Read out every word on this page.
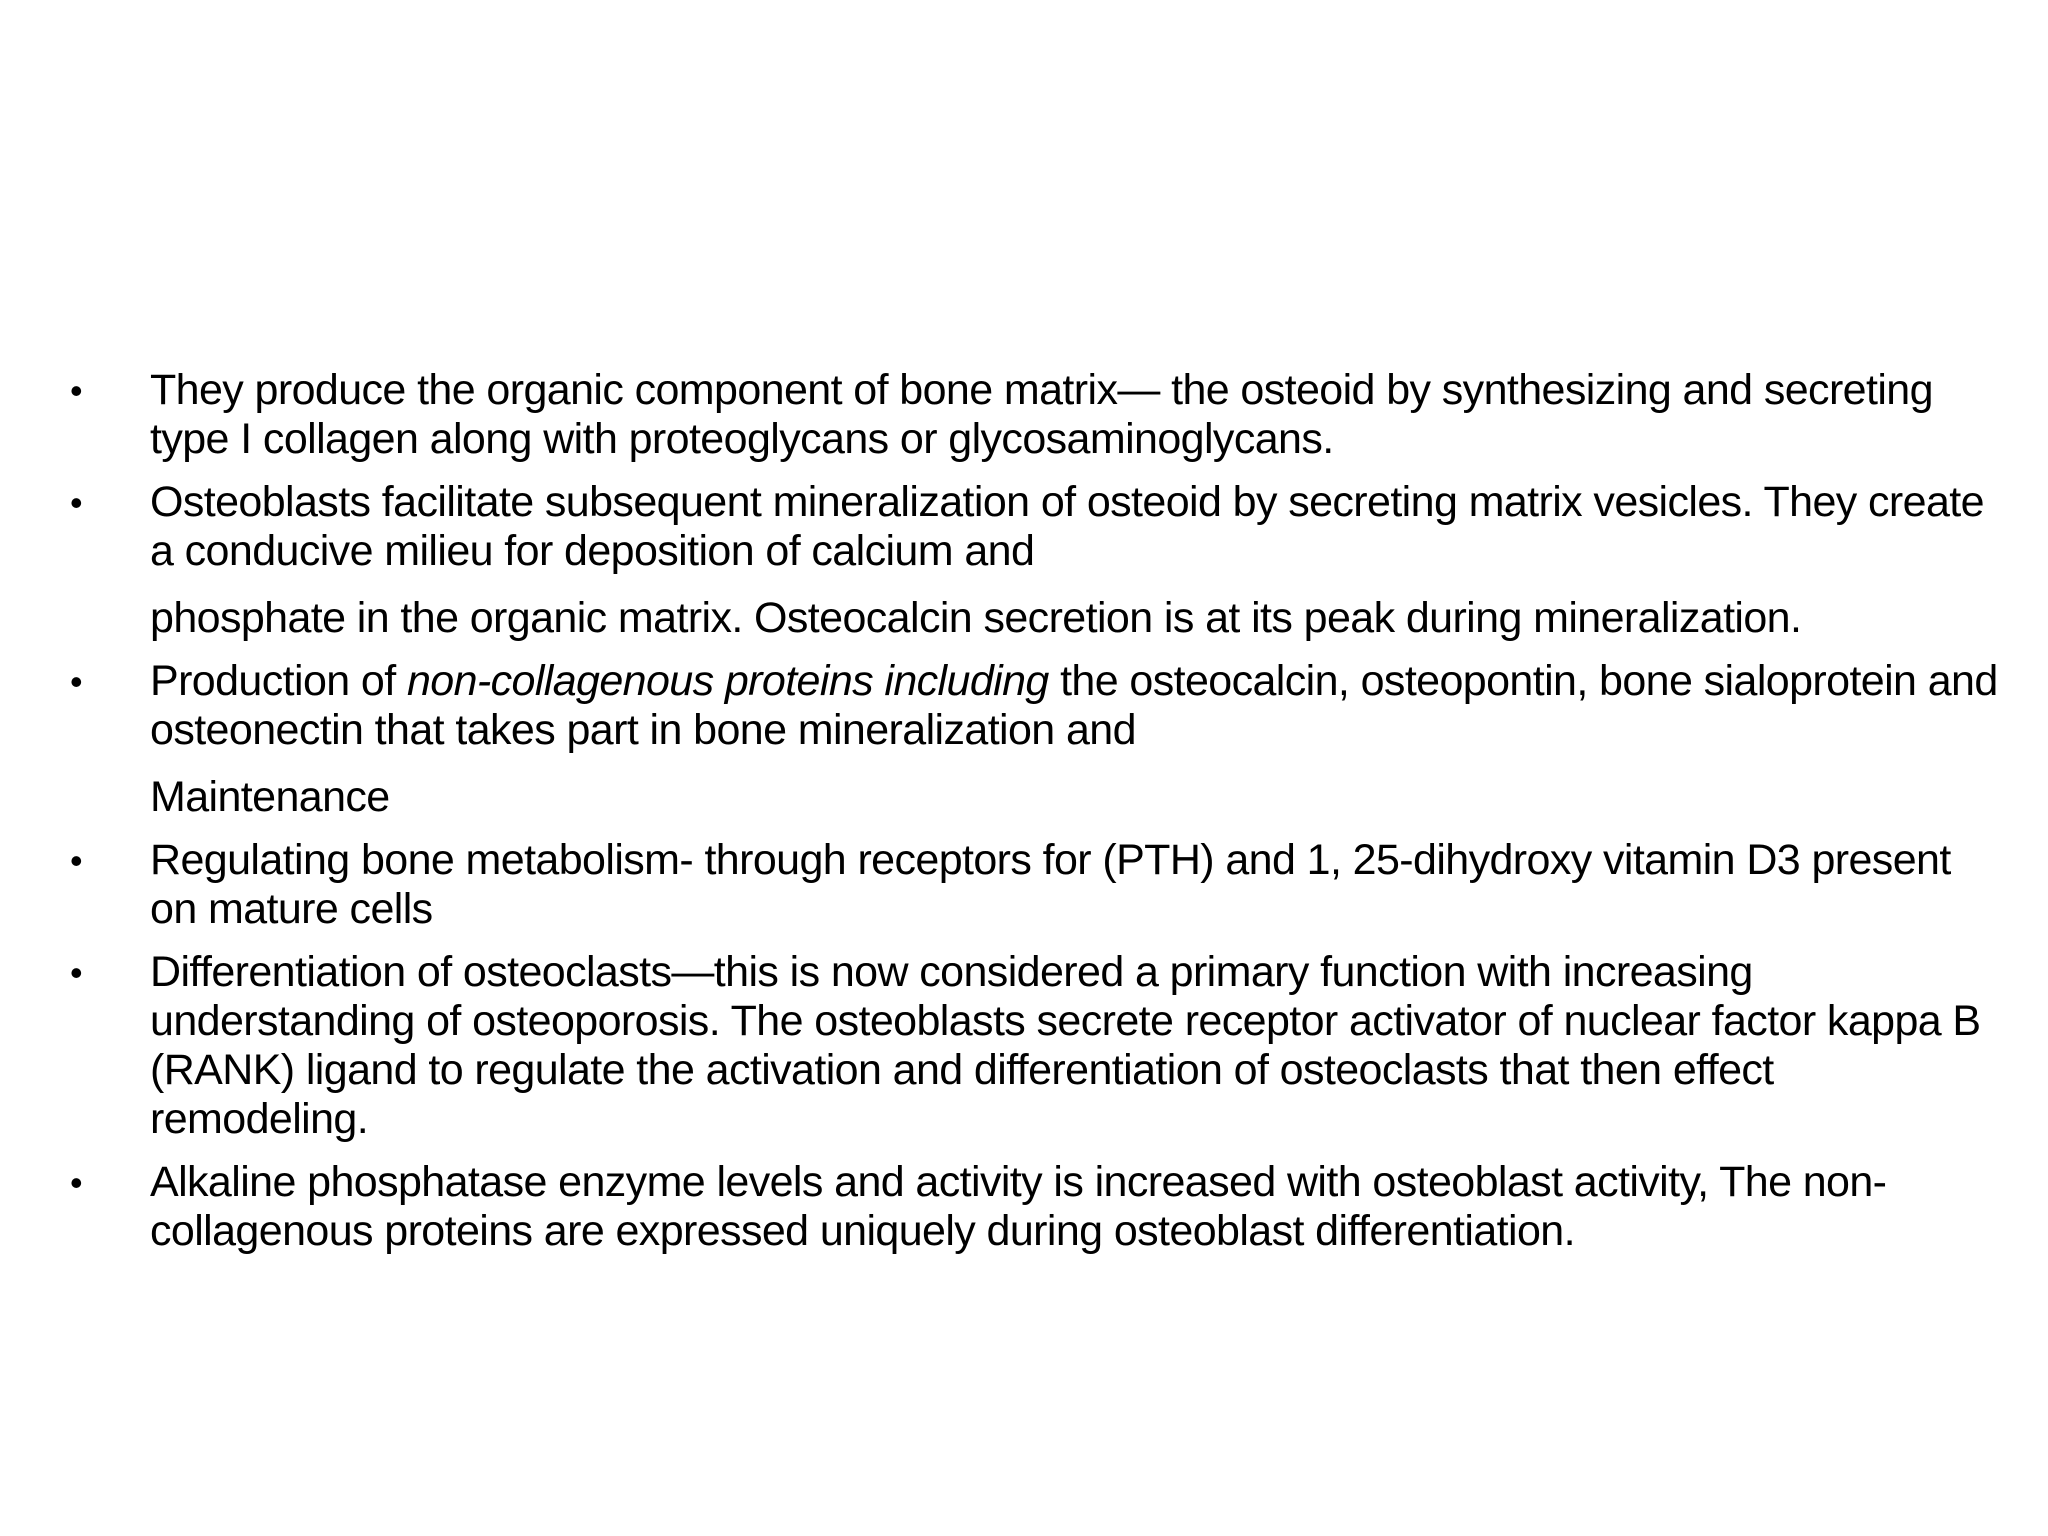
•	They produce the organic component of bone matrix— the osteoid by synthesizing and secreting type I collagen along with proteoglycans or glycosaminoglycans.
•	Osteoblasts facilitate subsequent mineralization of osteoid by secreting matrix vesicles. They create a conducive milieu for deposition of calcium and
phosphate in the organic matrix. Osteocalcin secretion is at its peak during mineralization.
•	Production of non-collagenous proteins including the osteocalcin, osteopontin, bone sialoprotein and osteonectin that takes part in bone mineralization and
Maintenance
•	Regulating bone metabolism- through receptors for (PTH) and 1, 25-dihydroxy vitamin D3 present on mature cells
•	Differentiation of osteoclasts—this is now considered a primary function with increasing understanding of osteoporosis. The osteoblasts secrete receptor activator of nuclear factor kappa B (RANK) ligand to regulate the activation and differentiation of osteoclasts that then effect remodeling.
•	Alkaline phosphatase enzyme levels and activity is increased with osteoblast activity, The non-collagenous proteins are expressed uniquely during osteoblast differentiation.
